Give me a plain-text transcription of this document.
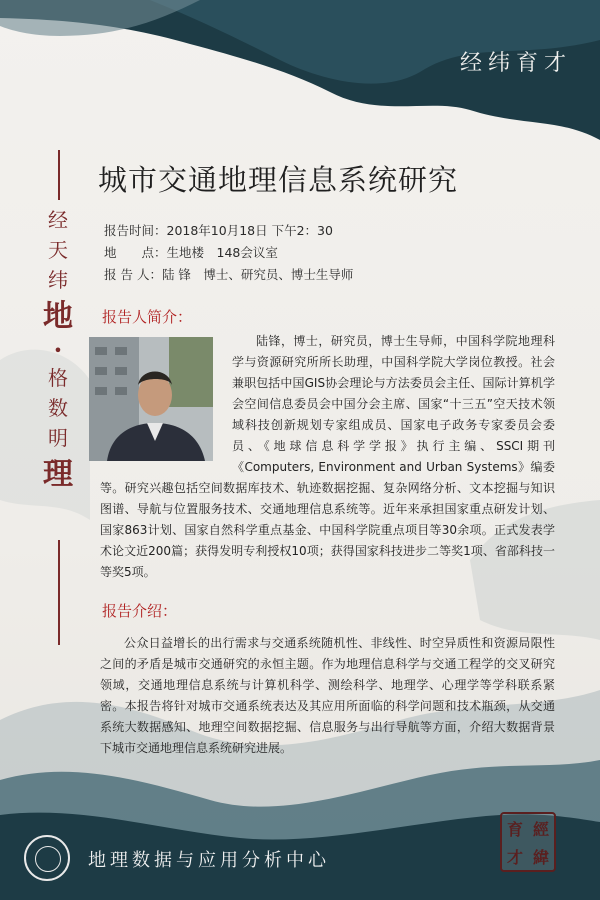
经纬育才
经
天
纬
地
•
格
数
明
理
城市交通地理信息系统研究
报告时间：2018年10月18日 下午2：30
地　　点：生地楼　148会议室
报 告 人：陆 锋　博士、研究员、博士生导师
报告人简介：

陆锋，博士，研究员，博士生导师，中国科学院地理科学与资源研究所所长助理，中国科学院大学岗位教授。社会兼职包括中国GIS协会理论与方法委员会主任、国际计算机学会空间信息委员会中国分会主席、国家“十三五”空天技术领域科技创新规划专家组成员、国家电子政务专家委员会委员、《地球信息科学学报》执行主编、SSCI期刊《Computers, Environment and Urban Systems》编委等。研究兴趣包括空间数据库技术、轨迹数据挖掘、复杂网络分析、文本挖掘与知识图谱、导航与位置服务技术、交通地理信息系统等。近年来承担国家重点研发计划、国家863计划、国家自然科学重点基金、中国科学院重点项目等30余项。正式发表学术论文近200篇；获得发明专利授权10项；获得国家科技进步二等奖1项、省部科技一等奖5项。

报告介绍：

公众日益增长的出行需求与交通系统随机性、非线性、时空异质性和资源局限性之间的矛盾是城市交通研究的永恒主题。作为地理信息科学与交通工程学的交叉研究领域，交通地理信息系统与计算机科学、测绘科学、地理学、心理学等学科联系紧密。本报告将针对城市交通系统表达及其应用所面临的科学问题和技术瓶颈，从交通系统大数据感知、地理空间数据挖掘、信息服务与出行导航等方面，介绍大数据背景下城市交通地理信息系统研究进展。

育 經
才 緯
地理数据与应用分析中心
